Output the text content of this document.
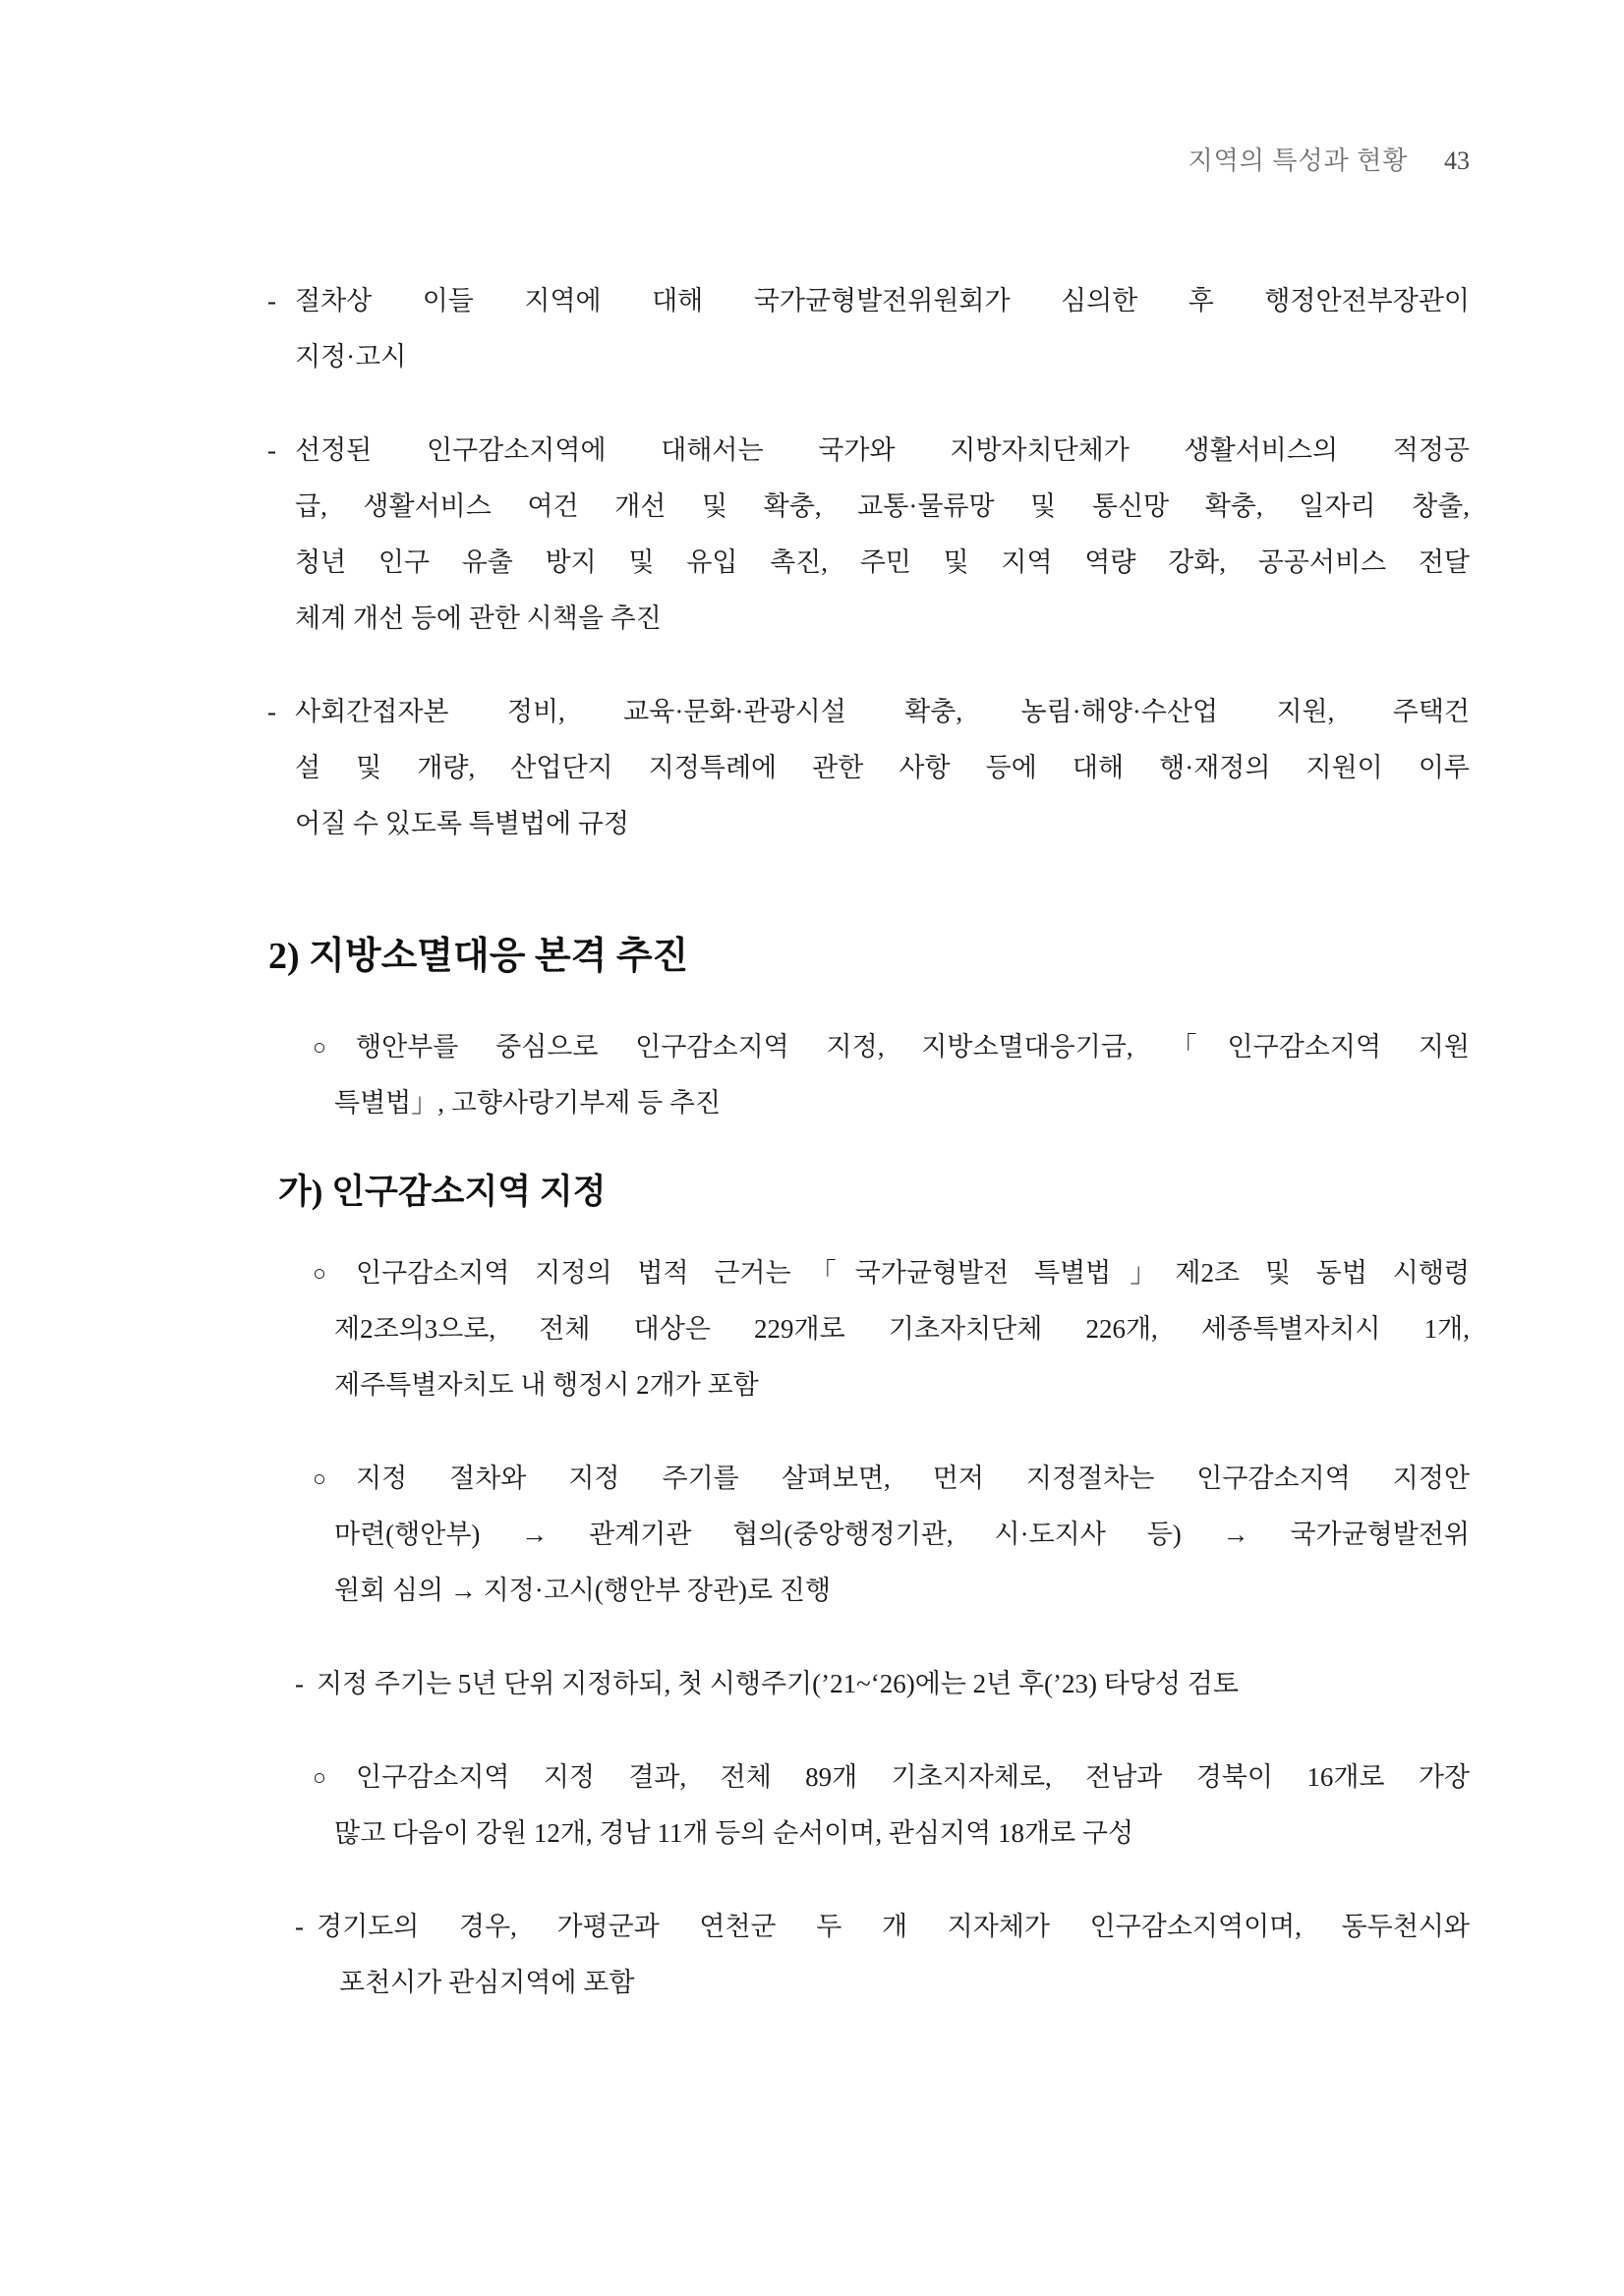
지역의 특성과 현황 43
- 절차상 이들 지역에 대해 국가균형발전위원회가 심의한 후 행정안전부장관이
지정·고시
- 선정된 인구감소지역에 대해서는 국가와 지방자치단체가 생활서비스의 적정공
급, 생활서비스 여건 개선 및 확충, 교통·물류망 및 통신망 확충, 일자리 창출,
청년 인구 유출 방지 및 유입 촉진, 주민 및 지역 역량 강화, 공공서비스 전달
체계 개선 등에 관한 시책을 추진
- 사회간접자본 정비, 교육·문화·관광시설 확충, 농림·해양·수산업 지원, 주택건
설 및 개량, 산업단지 지정특례에 관한 사항 등에 대해 행·재정의 지원이 이루
어질 수 있도록 특별법에 규정
2) 지방소멸대응 본격 추진
○	행안부를 중심으로 인구감소지역 지정, 지방소멸대응기금, 「인구감소지역 지원
특별법」, 고향사랑기부제 등 추진
가) 인구감소지역 지정
○	인구감소지역 지정의 법적 근거는「국가균형발전 특별법」제2조 및 동법 시행령
제2조의3으로, 전체 대상은 229개로 기초자치단체 226개, 세종특별자치시 1개,
제주특별자치도 내 행정시 2개가 포함
○	지정 절차와 지정 주기를 살펴보면, 먼저 지정절차는 인구감소지역 지정안
마련(행안부) → 관계기관 협의(중앙행정기관, 시·도지사 등) → 국가균형발전위
원회 심의 → 지정·고시(행안부 장관)로 진행
- 지정 주기는 5년 단위 지정하되, 첫 시행주기(’21~‘26)에는 2년 후(’23) 타당성 검토
○	인구감소지역 지정 결과, 전체 89개 기초지자체로, 전남과 경북이 16개로 가장
많고 다음이 강원 12개, 경남 11개 등의 순서이며, 관심지역 18개로 구성
- 경기도의 경우, 가평군과 연천군 두 개 지자체가 인구감소지역이며, 동두천시와
포천시가 관심지역에 포함
